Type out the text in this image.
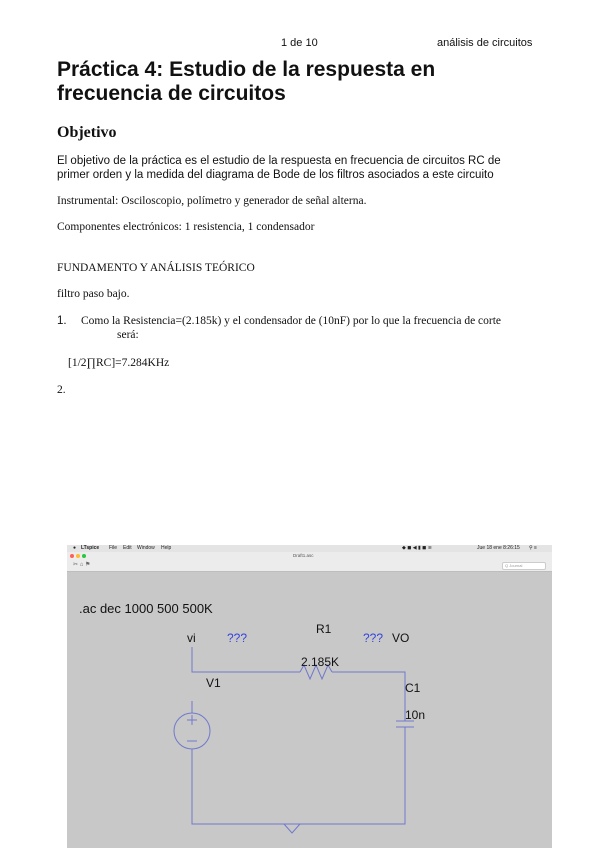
1 de 10	análisis de circuitos
Práctica 4: Estudio de la respuesta en frecuencia de circuitos
Objetivo
El objetivo de la práctica es el estudio de la respuesta en frecuencia de circuitos RC de primer orden y la medida del diagrama de Bode de los filtros asociados a este circuito
Instrumental: Osciloscopio, polímetro y generador de señal alterna.
Componentes electrónicos: 1 resistencia, 1 condensador
FUNDAMENTO Y ANÁLISIS TEÓRICO
filtro paso bajo.
1. Como la Resistencia=(2.185k) y el condensador de (10nF) por lo que la frecuencia de corte
será:
[1/2∏RC]=7.284KHz
2.
● LTspice File Edit Window Help	◆ ◼ ◀ ▮ ◼ ≋	Jue 18 ene 8:26:15 ⚲ ≡
Draft1.asc
✂ ⌂ ⚑	Q Journal
.ac dec 1000 500 500K
vi	???
R1
2.185K
??? VO
V1	C1
10n
